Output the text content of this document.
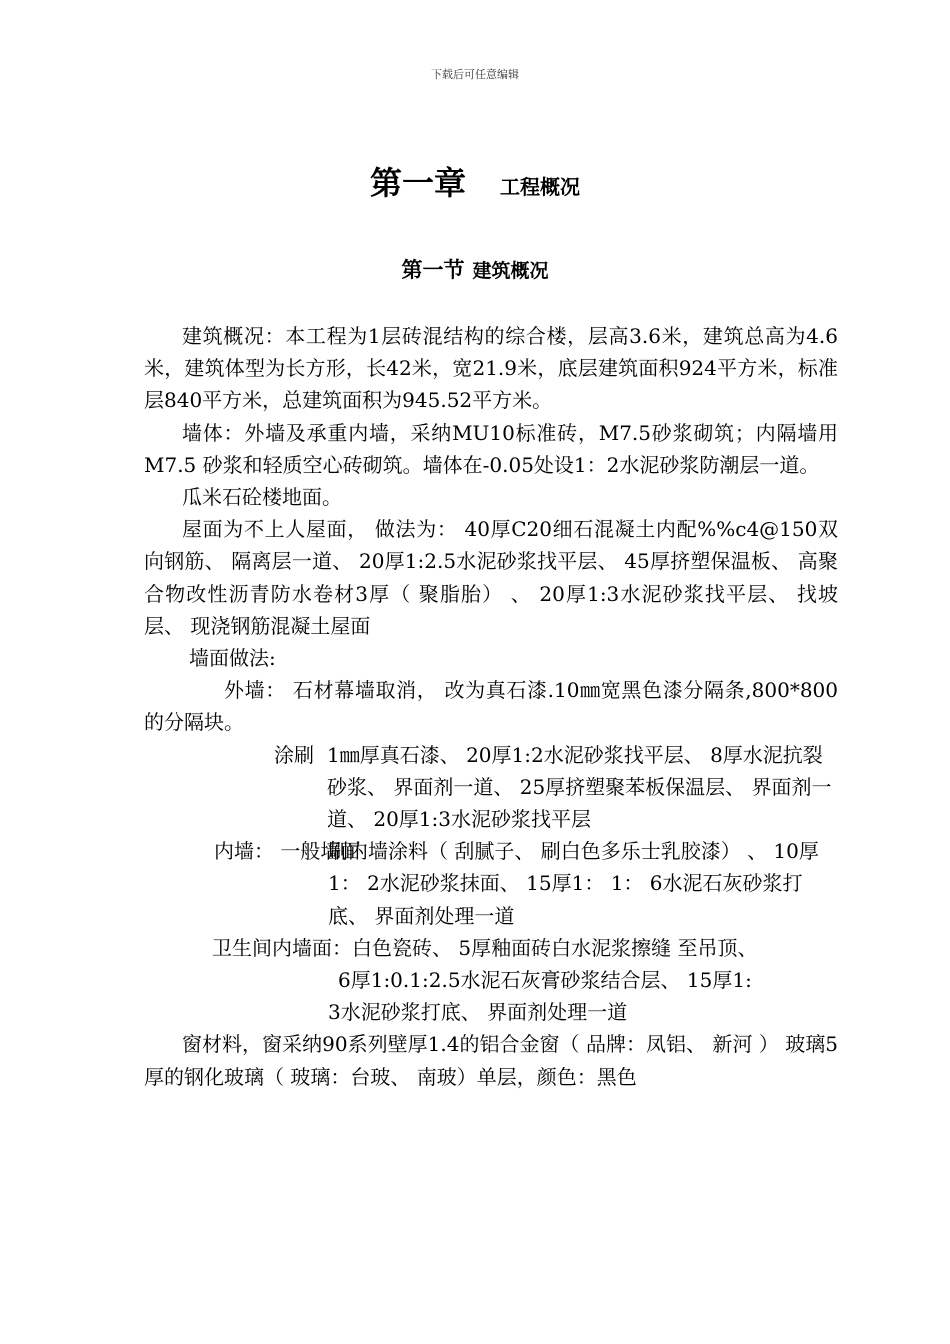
下载后可任意编辑
第一章 工程概况
第一节 建筑概况

建筑概况：本工程为1层砖混结构的综合楼，层高3.6米，建筑总高为4.6米，建筑体型为长方形，长42米，宽21.9米，底层建筑面积924平方米，标准层840平方米，总建筑面积为945.52平方米。

墙体：外墙及承重内墙，采纳MU10标准砖，M7.5砂浆砌筑；内隔墙用 M7.5 砂浆和轻质空心砖砌筑。墙体在-0.05处设1：2水泥砂浆防潮层一道。

瓜米石砼楼地面。

屋面为不上人屋面， 做法为： 40厚C20细石混凝土内配%%c4@150双向钢筋、 隔离层一道、 20厚1:2.5水泥砂浆找平层、 45厚挤塑保温板、 高聚合物改性沥青防水卷材3厚（ 聚脂胎） 、 20厚1:3水泥砂浆找平层、 找坡层、 现浇钢筋混凝土屋面

墙面做法:

外墙： 石材幕墙取消， 改为真石漆.10㎜宽黑色漆分隔条,800*800的分隔块。

涂刷 1㎜厚真石漆、 20厚1:2水泥砂浆找平层、 8厚水泥抗裂砂浆、 界面剂一道、 25厚挤塑聚苯板保温层、 界面剂一道、 20厚1:3水泥砂浆找平层
内墙： 一般墙面
刷内墙涂料（ 刮腻子、 刷白色多乐士乳胶漆） 、 10厚1： 2水泥砂浆抹面、 15厚1： 1： 6水泥石灰砂浆打底、 界面剂处理一道

卫生间内墙面：白色瓷砖、 5厚釉面砖白水泥浆擦缝 至吊顶、

6厚1:0.1:2.5水泥石灰膏砂浆结合层、 15厚1:

3水泥砂浆打底、 界面剂处理一道

窗材料，窗采纳90系列壁厚1.4的铝合金窗（ 品牌：凤铝、 新河 ） 玻璃5厚的钢化玻璃（ 玻璃：台玻、 南玻）单层，颜色：黑色
